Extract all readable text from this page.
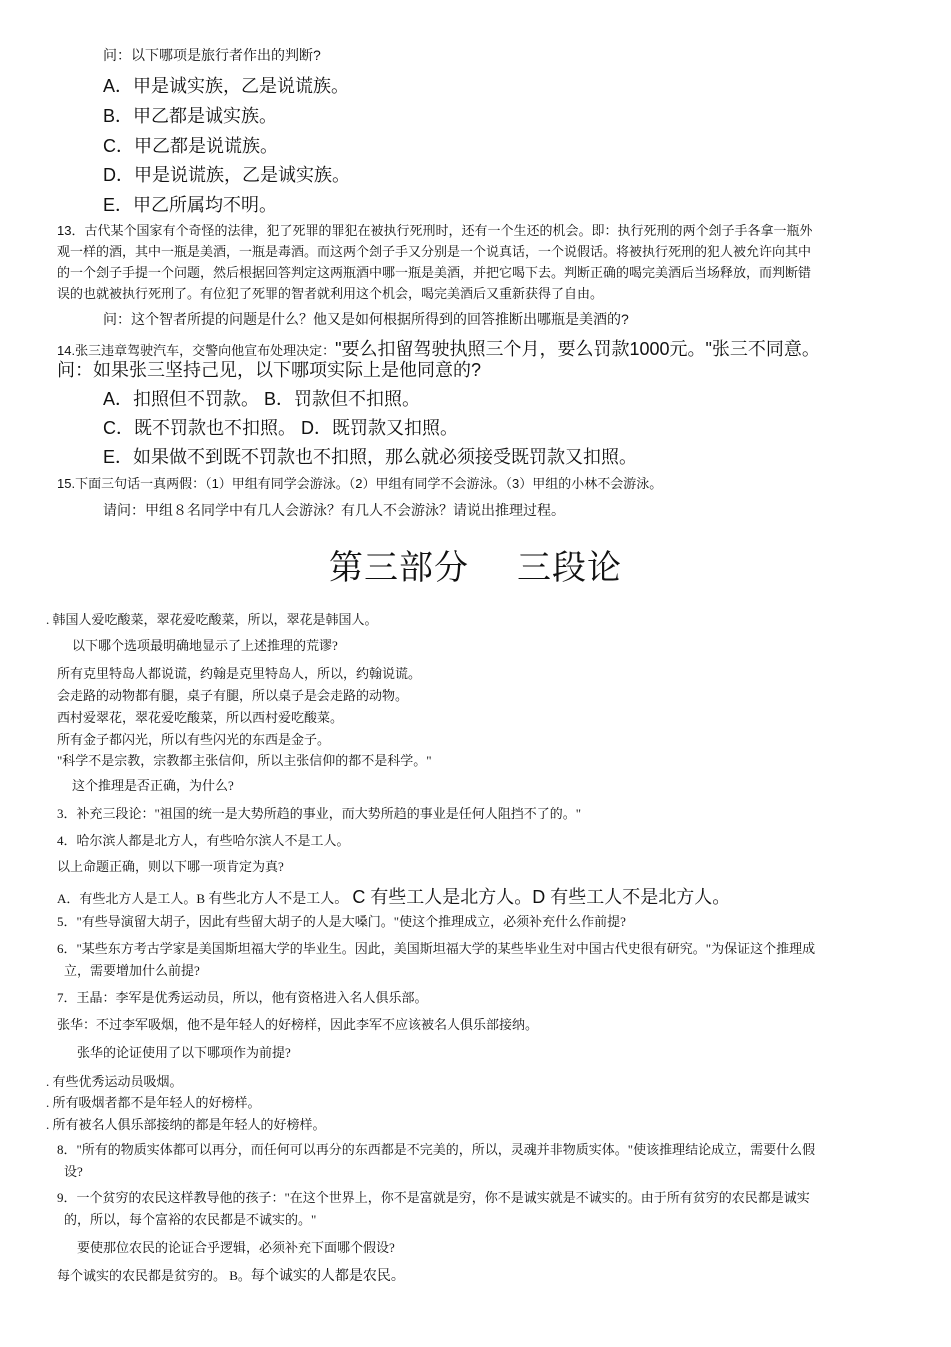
问：以下哪项是旅行者作出的判断?
A．甲是诚实族，乙是说谎族。
B．甲乙都是诚实族。
C．甲乙都是说谎族。
D．甲是说谎族，乙是诚实族。
E．甲乙所属均不明。
13．古代某个国家有个奇怪的法律，犯了死罪的罪犯在被执行死刑时，还有一个生还的机会。即：执行死刑的两个刽子手各拿一瓶外
观一样的酒，其中一瓶是美酒，一瓶是毒酒。而这两个刽子手又分别是一个说真话，一个说假话。将被执行死刑的犯人被允许向其中
的一个刽子手提一个问题，然后根据回答判定这两瓶酒中哪一瓶是美酒，并把它喝下去。判断正确的喝完美酒后当场释放，而判断错
误的也就被执行死刑了。有位犯了死罪的智者就利用这个机会，喝完美酒后又重新获得了自由。
问：这个智者所提的问题是什么？他又是如何根据所得到的回答推断出哪瓶是美酒的?
14.张三违章驾驶汽车，交警向他宣布处理决定："要么扣留驾驶执照三个月，要么罚款1000元。"张三不同意。
问：如果张三坚持己见，以下哪项实际上是他同意的?
A．扣照但不罚款。 B．罚款但不扣照。
C．既不罚款也不扣照。 D．既罚款又扣照。
E．如果做不到既不罚款也不扣照，那么就必须接受既罚款又扣照。
15.下面三句话一真两假：（1）甲组有同学会游泳。（2）甲组有同学不会游泳。（3）甲组的小林不会游泳。
请问：甲组８名同学中有几人会游泳？有几人不会游泳？请说出推理过程。
第三部分 三段论
. 韩国人爱吃酸菜，翠花爱吃酸菜，所以，翠花是韩国人。
以下哪个选项最明确地显示了上述推理的荒谬?
所有克里特岛人都说谎，约翰是克里特岛人，所以，约翰说谎。
会走路的动物都有腿，桌子有腿，所以桌子是会走路的动物。
西村爱翠花，翠花爱吃酸菜，所以西村爱吃酸菜。
所有金子都闪光，所以有些闪光的东西是金子。
"科学不是宗教，宗教都主张信仰，所以主张信仰的都不是科学。"
这个推理是否正确，为什么?
3．补充三段论："祖国的统一是大势所趋的事业，而大势所趋的事业是任何人阻挡不了的。"
4．哈尔滨人都是北方人，有些哈尔滨人不是工人。
以上命题正确，则以下哪一项肯定为真?
A．有些北方人是工人。B 有些北方人不是工人。 C 有些工人是北方人。D 有些工人不是北方人。
5．"有些导演留大胡子，因此有些留大胡子的人是大嗓门。"使这个推理成立，必须补充什么作前提?
6．"某些东方考古学家是美国斯坦福大学的毕业生。因此，美国斯坦福大学的某些毕业生对中国古代史很有研究。"为保证这个推理成
立，需要增加什么前提?
7．王晶：李军是优秀运动员，所以，他有资格进入名人俱乐部。
张华：不过李军吸烟，他不是年轻人的好榜样，因此李军不应该被名人俱乐部接纳。
张华的论证使用了以下哪项作为前提?
. 有些优秀运动员吸烟。
. 所有吸烟者都不是年轻人的好榜样。
. 所有被名人俱乐部接纳的都是年轻人的好榜样。
8．"所有的物质实体都可以再分，而任何可以再分的东西都是不完美的，所以，灵魂并非物质实体。"使该推理结论成立，需要什么假
设?
9．一个贫穷的农民这样教导他的孩子："在这个世界上，你不是富就是穷，你不是诚实就是不诚实的。由于所有贫穷的农民都是诚实
的，所以，每个富裕的农民都是不诚实的。"
要使那位农民的论证合乎逻辑，必须补充下面哪个假设?
每个诚实的农民都是贫穷的。 B。每个诚实的人都是农民。
